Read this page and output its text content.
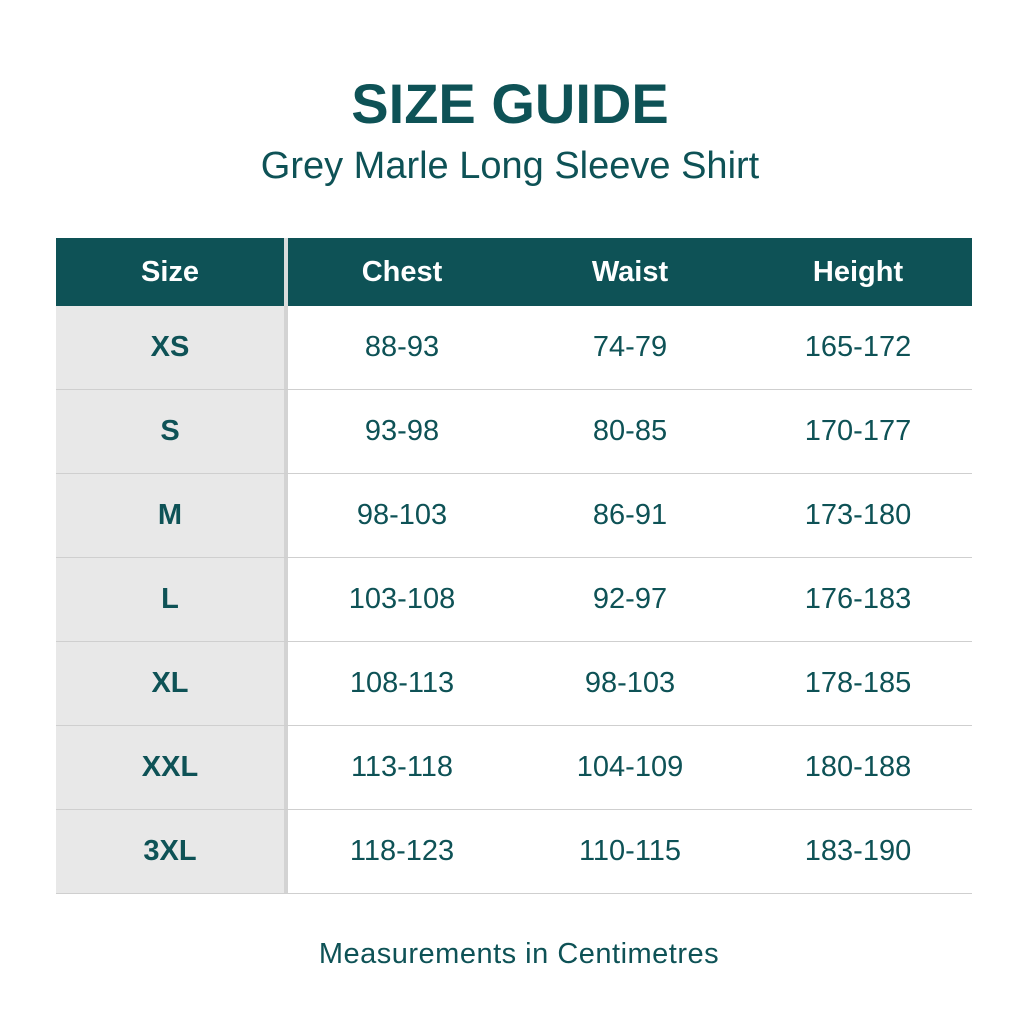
SIZE GUIDE
Grey Marle Long Sleeve Shirt
Size	Chest	Waist	Height
XS	88-93	74-79	165-172
S	93-98	80-85	170-177
M	98-103	86-91	173-180
L	103-108	92-97	176-183
XL	108-113	98-103	178-185
XXL	113-118	104-109	180-188
3XL	118-123	110-115	183-190
Measurements in Centimetres
